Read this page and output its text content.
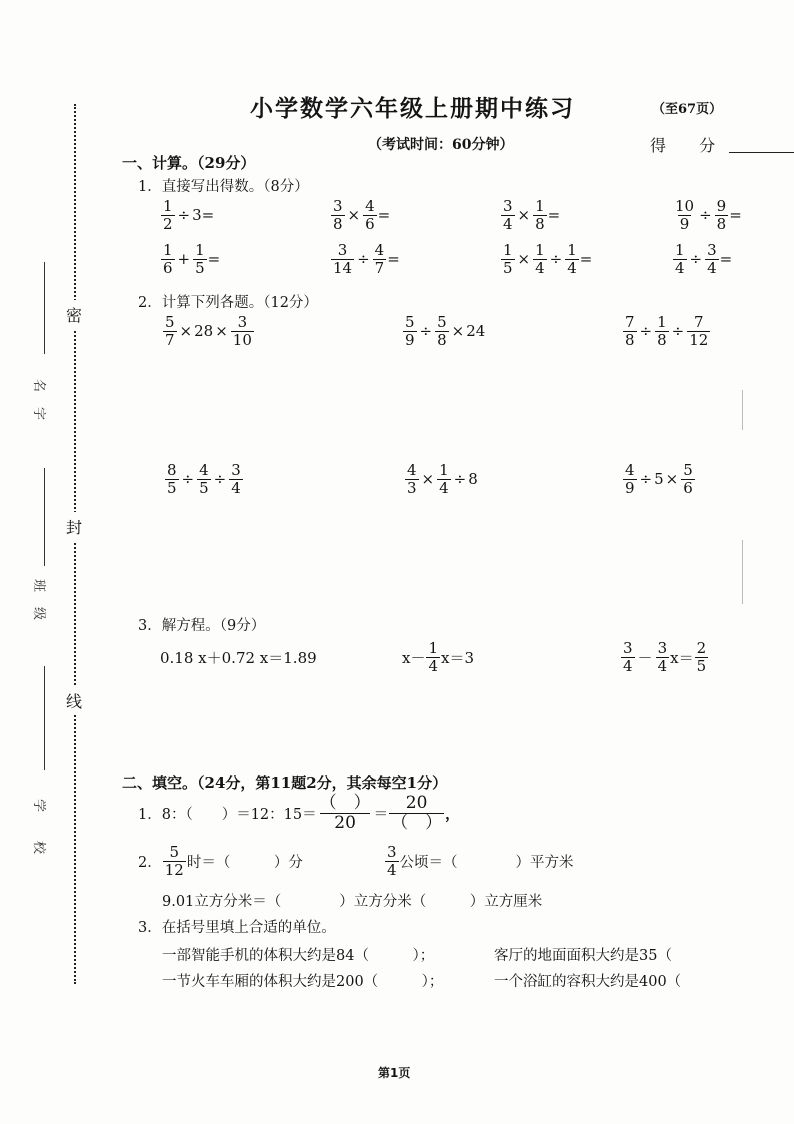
密
封
线
名
字
班
级
学
校
小学数学六年级上册期中练习	（至67页）
（考试时间：60分钟）	得 分
一、计算。（29分）
1．直接写出得数。（8分）
$\frac{1}{2} \div 3$ =	$\frac{3}{8} \times \frac{4}{6}$ =	$\frac{3}{4} \times \frac{1}{8}$ =	$\frac{10}{9} \div \frac{9}{8}$ =
$\frac{1}{6} + \frac{1}{5}$ =	$\frac{3}{14} \div \frac{4}{7}$ =	$\frac{1}{5} \times \frac{1}{4} \div \frac{1}{4}$ =	$\frac{1}{4} \div \frac{3}{4}$ =
2．计算下列各题。（12分）
$\frac{5}{7} \times 28 \times \frac{3}{10}$	$\frac{5}{9} \div \frac{5}{8} \times 24$	$\frac{7}{8} \div \frac{1}{8} \div \frac{7}{12}$
$\frac{8}{5} \div \frac{4}{5} \div \frac{3}{4}$	$\frac{4}{3} \times \frac{1}{4} \div 8$	$\frac{4}{9} \div 5 \times \frac{5}{6}$
3．解方程。（9分）
0.18 x＋0.72 x＝1.89	$x- \frac{1}{4} x=3$	$\frac{3}{4} - \frac{3}{4} x= \frac{2}{5}$
二、填空。（24分，第11题2分，其余每空1分）
1． 8：（　　）＝12：$15= \frac{( )}{20} = \frac{20}{( )}$ ，
2． $\frac{5}{12}$ 时＝（　　　）分	$\frac{3}{4}$ 公顷＝（　　　　）平方米
9.01立方分米＝（　　　　）立方分米（　　　）立方厘米
3．在括号里填上合适的单位。
一部智能手机的体积大约是84（　　　）；	客厅的地面面积大约是35（
一节火车车厢的体积大约是200（　　　）；	一个浴缸的容积大约是400（
第1页
